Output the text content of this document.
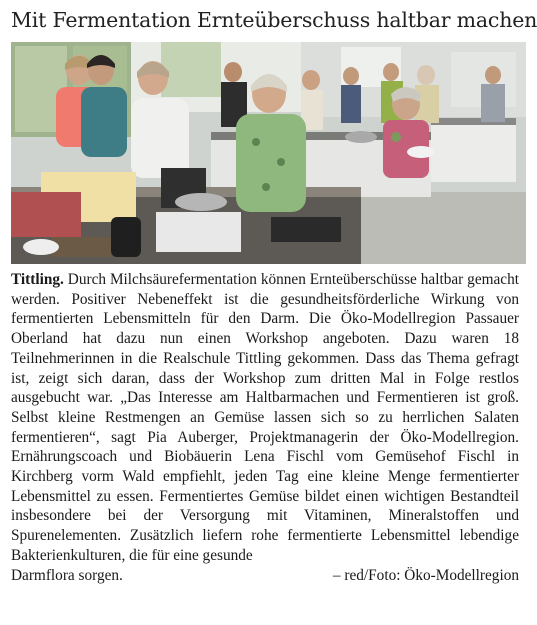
Mit Fermentation Ernteüberschuss haltbar machen
Tittling. Durch Milchsäurefermentation können Ernteüberschüsse haltbar gemacht werden. Positiver Nebeneffekt ist die gesundheitsförderliche Wirkung von fermentierten Lebensmitteln für den Darm. Die Öko-Modellregion Passauer Oberland hat dazu nun einen Workshop angeboten. Dazu waren 18 Teilnehmerinnen in die Realschule Tittling gekommen. Dass das Thema gefragt ist, zeigt sich daran, dass der Workshop zum dritten Mal in Folge restlos ausgebucht war. „Das Interesse am Haltbarmachen und Fermentieren ist groß. Selbst kleine Restmengen an Gemüse lassen sich so zu herrlichen Salaten fermentieren“, sagt Pia Auberger, Projektmanagerin der Öko-Modellregion. Ernährungscoach und Biobäuerin Lena Fischl vom Gemüsehof Fischl in Kirchberg vorm Wald empfiehlt, jeden Tag eine kleine Menge fermentierter Lebensmittel zu essen. Fermentiertes Gemüse bildet einen wichtigen Bestandteil insbesondere bei der Versorgung mit Vitaminen, Mineralstoffen und Spurenelementen. Zusätzlich liefern rohe fermentierte Lebensmittel lebendige Bakterienkulturen, die für eine gesunde
Darmflora sorgen.	– red/Foto: Öko-Modellregion
